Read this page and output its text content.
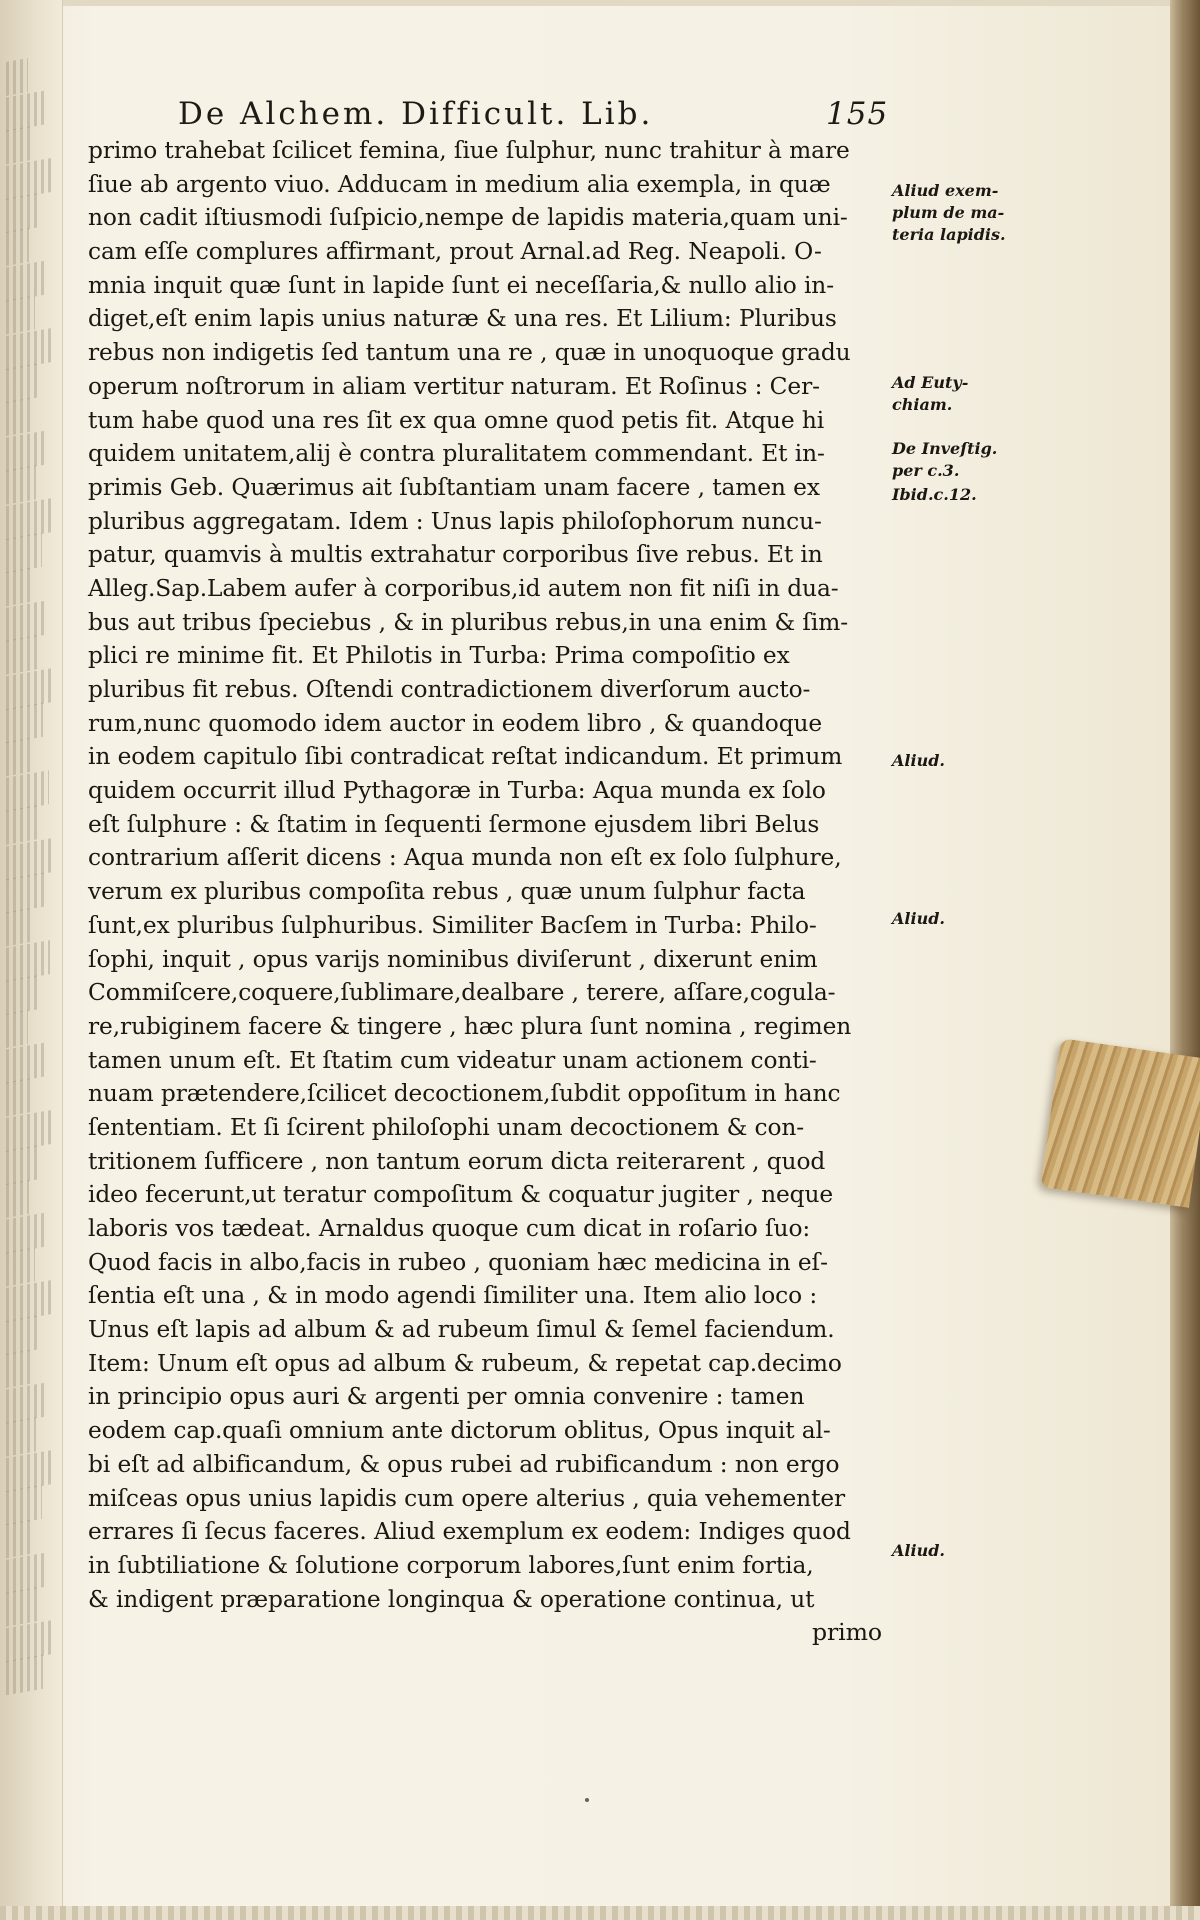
De Alchem. Difficult. Lib.	155
primo trahebat ſcilicet femina, ſiue ſulphur, nunc trahitur à mare
ſiue ab argento viuo. Adducam in medium alia exempla, in quæ
non cadit iſtiusmodi ſuſpicio,nempe de lapidis materia,quam uni-
cam eſſe complures affirmant, prout Arnal.ad Reg. Neapoli. O-
mnia inquit quæ ſunt in lapide ſunt ei neceſſaria,& nullo alio in-
diget,eſt enim lapis unius naturæ & una res. Et Lilium: Pluribus
rebus non indigetis ſed tantum una re , quæ in unoquoque gradu
operum noſtrorum in aliam vertitur naturam. Et Roſinus : Cer-
tum habe quod una res ſit ex qua omne quod petis fit. Atque hi
quidem unitatem,alij è contra pluralitatem commendant. Et in-
primis Geb. Quærimus ait ſubſtantiam unam facere , tamen ex
pluribus aggregatam. Idem : Unus lapis philoſophorum nuncu-
patur, quamvis à multis extrahatur corporibus ſive rebus. Et in
Alleg.Sap.Labem aufer à corporibus,id autem non fit niſi in dua-
bus aut tribus ſpeciebus , & in pluribus rebus,in una enim & ſim-
plici re minime fit. Et Philotis in Turba: Prima compoſitio ex
pluribus fit rebus. Oſtendi contradictionem diverſorum aucto-
rum,nunc quomodo idem auctor in eodem libro , & quandoque
in eodem capitulo ſibi contradicat reſtat indicandum. Et primum
quidem occurrit illud Pythagoræ in Turba: Aqua munda ex ſolo
eſt ſulphure : & ſtatim in ſequenti ſermone ejusdem libri Belus
contrarium aſſerit dicens : Aqua munda non eſt ex ſolo ſulphure,
verum ex pluribus compoſita rebus , quæ unum ſulphur facta
ſunt,ex pluribus ſulphuribus. Similiter Bacſem in Turba: Philo-
ſophi, inquit , opus varijs nominibus diviſerunt , dixerunt enim
Commiſcere,coquere,ſublimare,dealbare , terere, aſſare,cogula-
re,rubiginem facere & tingere , hæc plura ſunt nomina , regimen
tamen unum eſt. Et ſtatim cum videatur unam actionem conti-
nuam prætendere,ſcilicet decoctionem,ſubdit oppoſitum in hanc
ſententiam. Et ſi ſcirent philoſophi unam decoctionem & con-
tritionem ſufficere , non tantum eorum dicta reiterarent , quod
ideo fecerunt,ut teratur compoſitum & coquatur jugiter , neque
laboris vos tædeat. Arnaldus quoque cum dicat in roſario ſuo:
Quod facis in albo,facis in rubeo , quoniam hæc medicina in eſ-
ſentia eſt una , & in modo agendi ſimiliter una. Item alio loco :
Unus eſt lapis ad album & ad rubeum ſimul & ſemel faciendum.
Item: Unum eſt opus ad album & rubeum, & repetat cap.decimo
in principio opus auri & argenti per omnia convenire : tamen
eodem cap.quaſi omnium ante dictorum oblitus, Opus inquit al-
bi eſt ad albificandum, & opus rubei ad rubificandum : non ergo
miſceas opus unius lapidis cum opere alterius , quia vehementer
errares ſi ſecus faceres. Aliud exemplum ex eodem: Indiges quod
in ſubtiliatione & ſolutione corporum labores,ſunt enim fortia,
& indigent præparatione longinqua & operatione continua, ut
primo
Aliud exem-
plum de ma-
teria lapidis.
Ad Euty-
chiam.
De Inveſtig.
per c.3.
Ibid.c.12.
Aliud.
Aliud.
Aliud.
